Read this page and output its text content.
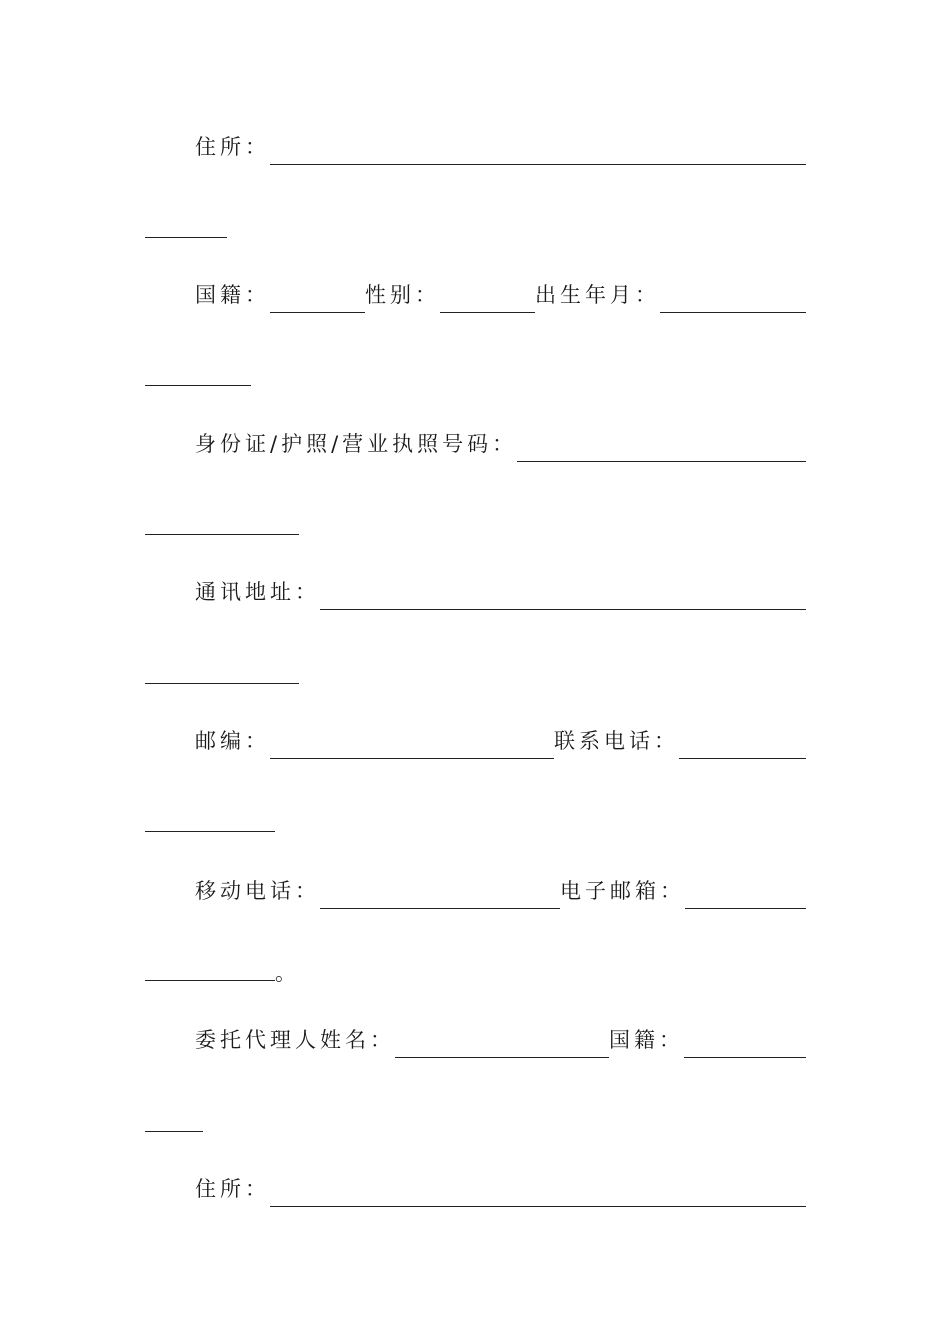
住所：
国籍：	性别：	出生年月：
身份证/护照/营业执照号码：
通讯地址：
邮编：	联系电话：
移动电话：	电子邮箱：
。
委托代理人姓名：	国籍：
住所：
